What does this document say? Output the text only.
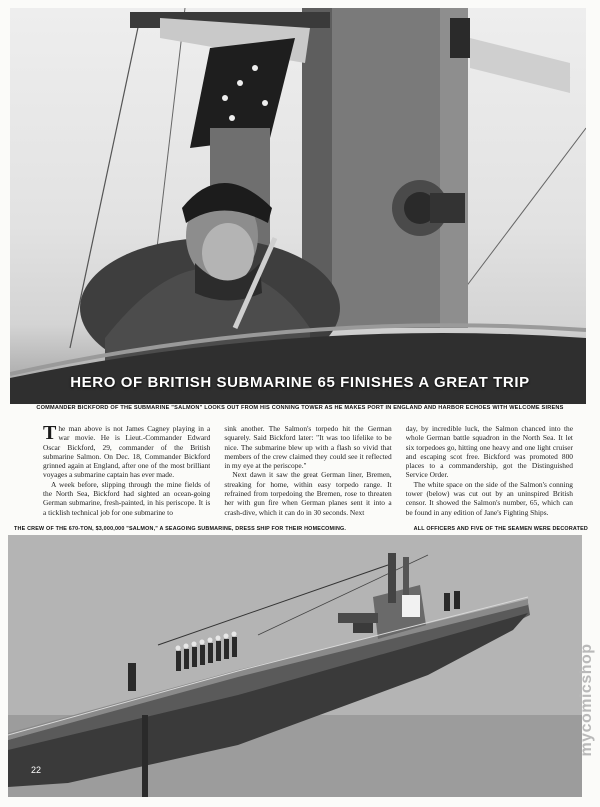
HERO OF BRITISH SUBMARINE 65 FINISHES A GREAT TRIP
COMMANDER BICKFORD OF THE SUBMARINE "SALMON" LOOKS OUT FROM HIS CONNING TOWER AS HE MAKES PORT IN ENGLAND AND HARBOR ECHOES WITH WELCOME SIRENS

The man above is not James Cagney playing in a war movie. He is Lieut.-Commander Edward Oscar Bickford, 29, commander of the British submarine Salmon. On Dec. 18, Commander Bickford grinned again at England, after one of the most brilliant voyages a submarine captain has ever made.

A week before, slipping through the mine fields of the North Sea, Bickford had sighted an ocean-going German submarine, fresh-painted, in his periscope. It is a ticklish technical job for one submarine to

sink another. The Salmon's torpedo hit the German squarely. Said Bickford later: "It was too lifelike to be nice. The submarine blew up with a flash so vivid that members of the crew claimed they could see it reflected in my eye at the periscope."

Next dawn it saw the great German liner, Bremen, streaking for home, within easy torpedo range. It refrained from torpedoing the Bremen, rose to threaten her with gun fire when German planes sent it into a crash-dive, which it can do in 30 seconds. Next

day, by incredible luck, the Salmon chanced into the whole German battle squadron in the North Sea. It let six torpedoes go, hitting one heavy and one light cruiser and escaping scot free. Bickford was promoted 800 places to a commandership, got the Distinguished Service Order.

The white space on the side of the Salmon's conning tower (below) was cut out by an uninspired British censor. It showed the Salmon's number, 65, which can be found in any edition of Jane's Fighting Ships.

THE CREW OF THE 670-TON, $3,000,000 "SALMON," A SEAGOING SUBMARINE, DRESS SHIP FOR THEIR HOMECOMING.	ALL OFFICERS AND FIVE OF THE SEAMEN WERE DECORATED
22
mycomicshop
